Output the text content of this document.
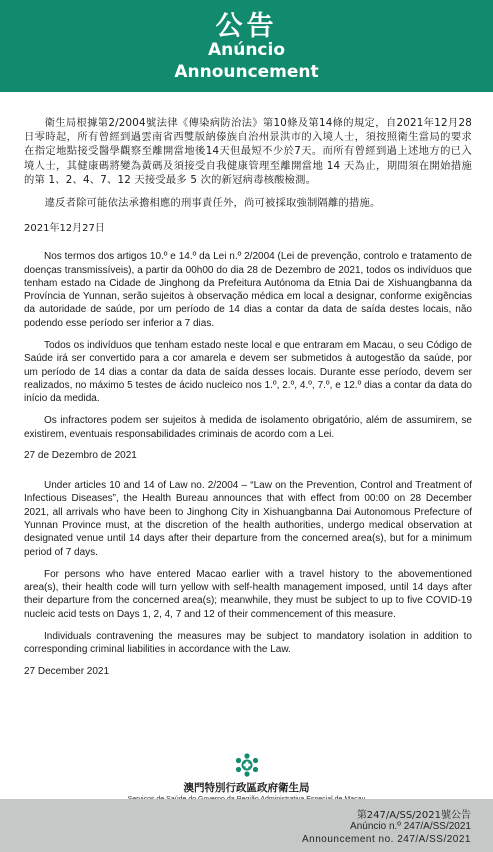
公告
Anúncio
Announcement

衛生局根據第2/2004號法律《傳染病防治法》第10條及第14條的規定，自2021年12月28日零時起，所有曾經到過雲南省西雙版納傣族自治州景洪市的入境人士，須按照衛生當局的要求在指定地點接受醫學觀察至離開當地後14天但最短不少於7天。而所有曾經到過上述地方的已入境人士，其健康碼將變為黃碼及須接受自我健康管理至離開當地 14 天為止，期間須在開始措施的第 1、2、4、7、12 天接受最多 5 次的新冠病毒核酸檢測。

違反者除可能依法承擔相應的刑事責任外，尚可被採取強制隔離的措施。

2021年12月27日

Nos termos dos artigos 10.º e 14.º da Lei n.º 2/2004 (Lei de prevenção, controlo e tratamento de doenças transmissíveis), a partir da 00h00 do dia 28 de Dezembro de 2021, todos os indivíduos que tenham estado na Cidade de Jinghong da Prefeitura Autónoma da Etnia Dai de Xishuangbanna da Província de Yunnan, serão sujeitos à observação médica em local a designar, conforme exigências da autoridade de saúde, por um período de 14 dias a contar da data de saída destes locais, não podendo esse período ser inferior a 7 dias.

Todos os indivíduos que tenham estado neste local e que entraram em Macau, o seu Código de Saúde irá ser convertido para a cor amarela e devem ser submetidos à autogestão da saúde, por um período de 14 dias a contar da data de saída desses locais. Durante esse período, devem ser realizados, no máximo 5 testes de ácido nucleico nos 1.º, 2.º, 4.º, 7.º, e 12.º dias a contar da data do início da medida.

Os infractores podem ser sujeitos à medida de isolamento obrigatório, além de assumirem, se existirem, eventuais responsabilidades criminais de acordo com a Lei.

27 de Dezembro de 2021

Under articles 10 and 14 of Law no. 2/2004 – “Law on the Prevention, Control and Treatment of Infectious Diseases”, the Health Bureau announces that with effect from 00:00 on 28 December 2021, all arrivals who have been to Jinghong City in Xishuangbanna Dai Autonomous Prefecture of Yunnan Province must, at the discretion of the health authorities, undergo medical observation at designated venue until 14 days after their departure from the concerned area(s), but for a minimum period of 7 days.

For persons who have entered Macao earlier with a travel history to the abovementioned area(s), their health code will turn yellow with self-health management imposed, until 14 days after their departure from the concerned area(s); meanwhile, they must be subject to up to five COVID-19 nucleic acid tests on Days 1, 2, 4, 7 and 12 of their commencement of this measure.

Individuals contravening the measures may be subject to mandatory isolation in addition to corresponding criminal liabilities in accordance with the Law.

27 December 2021
澳門特別行政區政府衛生局
第247/A/SS/2021號公告
Anúncio n.º 247/A/SS/2021
Announcement no. 247/A/SS/2021
